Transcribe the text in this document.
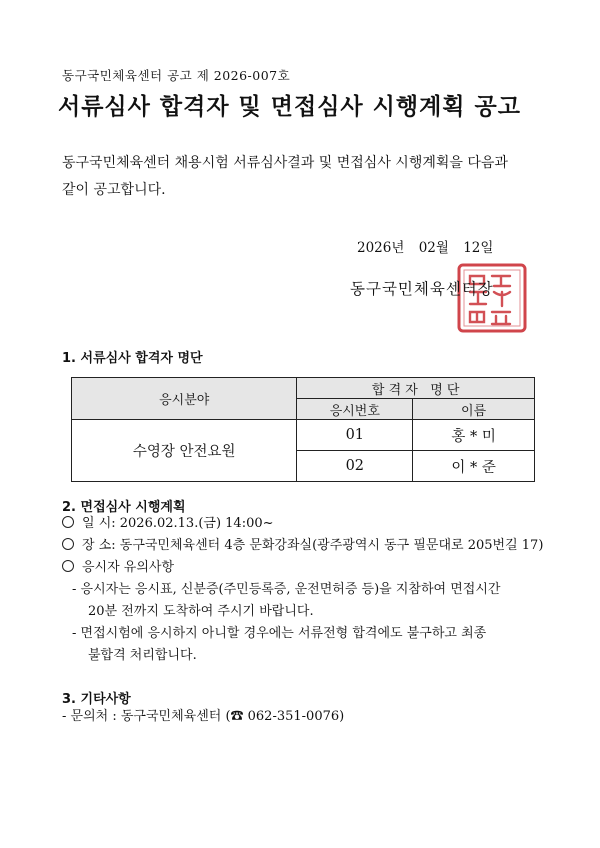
동구국민체육센터 공고 제 2026-007호
서류심사 합격자 및 면접심사 시행계획 공고
동구국민체육센터 채용시험 서류심사결과 및 면접심사 시행계획을 다음과
같이 공고합니다.
2026년 02월 12일
동구국민체육센터장
1. 서류심사 합격자 명단
응시분야	합 격 자   명 단	
	응시번호	이름
수영장 안전요원	01	홍 * 미
	02	이 * 준
2. 면접심사 시행계획
일 시: 2026.02.13.(금) 14:00~
장 소: 동구국민체육센터 4층 문화강좌실(광주광역시 동구 필문대로 205번길 17)
응시자 유의사항
- 응시자는 응시표, 신분증(주민등록증, 운전면허증 등)을 지참하여 면접시간
20분 전까지 도착하여 주시기 바랍니다.
- 면접시험에 응시하지 아니할 경우에는 서류전형 합격에도 불구하고 최종
불합격 처리합니다.
3. 기타사항
- 문의처 : 동구국민체육센터 (☎ 062-351-0076)
